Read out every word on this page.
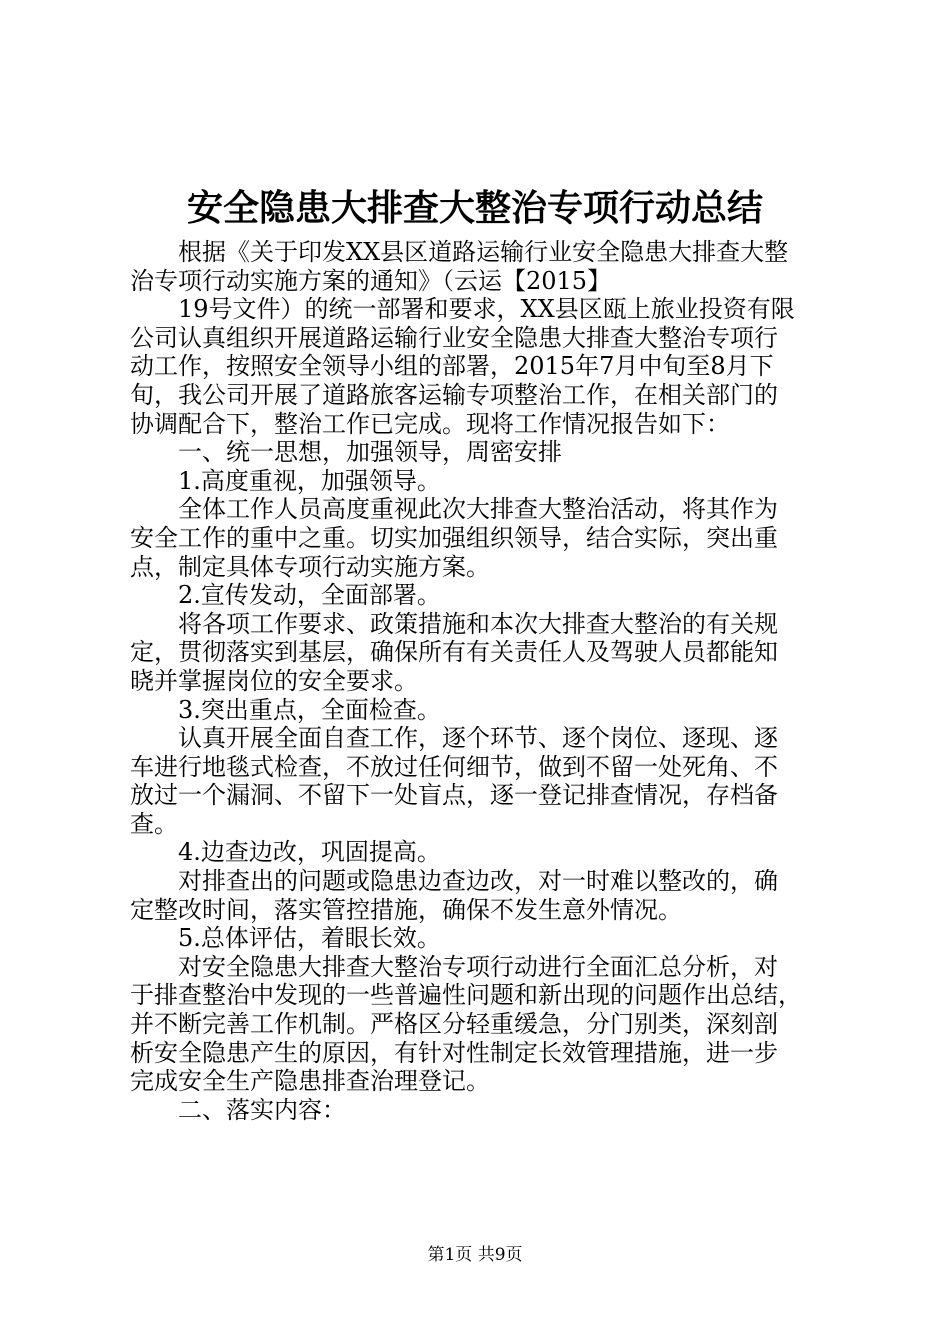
安全隐患大排查大整治专项行动总结
根据《关于印发XX县区道路运输行业安全隐患大排查大整
治专项行动实施方案的通知》（云运【2015】
19号文件）的统一部署和要求，XX县区瓯上旅业投资有限
公司认真组织开展道路运输行业安全隐患大排查大整治专项行
动工作，按照安全领导小组的部署，2015年7月中旬至8月下
旬，我公司开展了道路旅客运输专项整治工作，在相关部门的
协调配合下，整治工作已完成。现将工作情况报告如下：
一、统一思想，加强领导，周密安排
1.高度重视，加强领导。
全体工作人员高度重视此次大排查大整治活动，将其作为
安全工作的重中之重。切实加强组织领导，结合实际，突出重
点，制定具体专项行动实施方案。
2.宣传发动，全面部署。
将各项工作要求、政策措施和本次大排查大整治的有关规
定，贯彻落实到基层，确保所有有关责任人及驾驶人员都能知
晓并掌握岗位的安全要求。
3.突出重点，全面检查。
认真开展全面自查工作，逐个环节、逐个岗位、逐现、逐
车进行地毯式检查，不放过任何细节，做到不留一处死角、不
放过一个漏洞、不留下一处盲点，逐一登记排查情况，存档备
查。
4.边查边改，巩固提高。
对排查出的问题或隐患边查边改，对一时难以整改的，确
定整改时间，落实管控措施，确保不发生意外情况。
5.总体评估，着眼长效。
对安全隐患大排查大整治专项行动进行全面汇总分析，对
于排查整治中发现的一些普遍性问题和新出现的问题作出总结，
并不断完善工作机制。严格区分轻重缓急，分门别类，深刻剖
析安全隐患产生的原因，有针对性制定长效管理措施，进一步
完成安全生产隐患排查治理登记。
二、落实内容：
第1页 共9页
